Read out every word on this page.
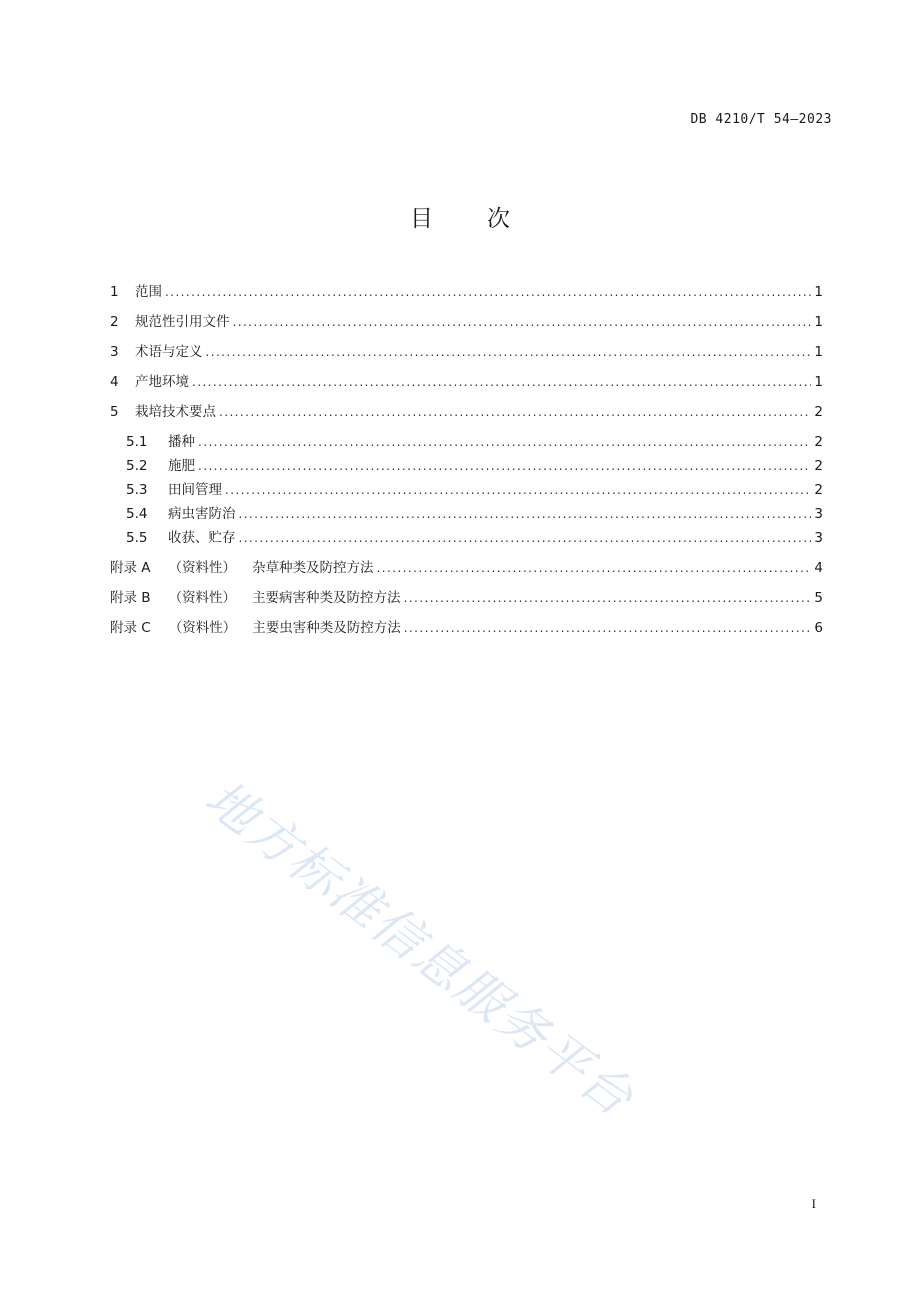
DB 4210/T 54—2023
目 次
1	范围 . . .	1
2	规范性引用文件 . . .	1
3	术语与定义 . . .	1
4	产地环境 . . .	1
5	栽培技术要点 . . .	2
5.1	播种 . . .	2
5.2	施肥 . . .	2
5.3	田间管理 . . .	2
5.4	病虫害防治 . . .	3
5.5	收获、贮存 . . .	3
附录 A （资料性） 杂草种类及防控方法 . . .	4
附录 B （资料性） 主要病害种类及防控方法 . . .	5
附录 C （资料性） 主要虫害种类及防控方法 . . .	6
地方标准信息服务平台
I
